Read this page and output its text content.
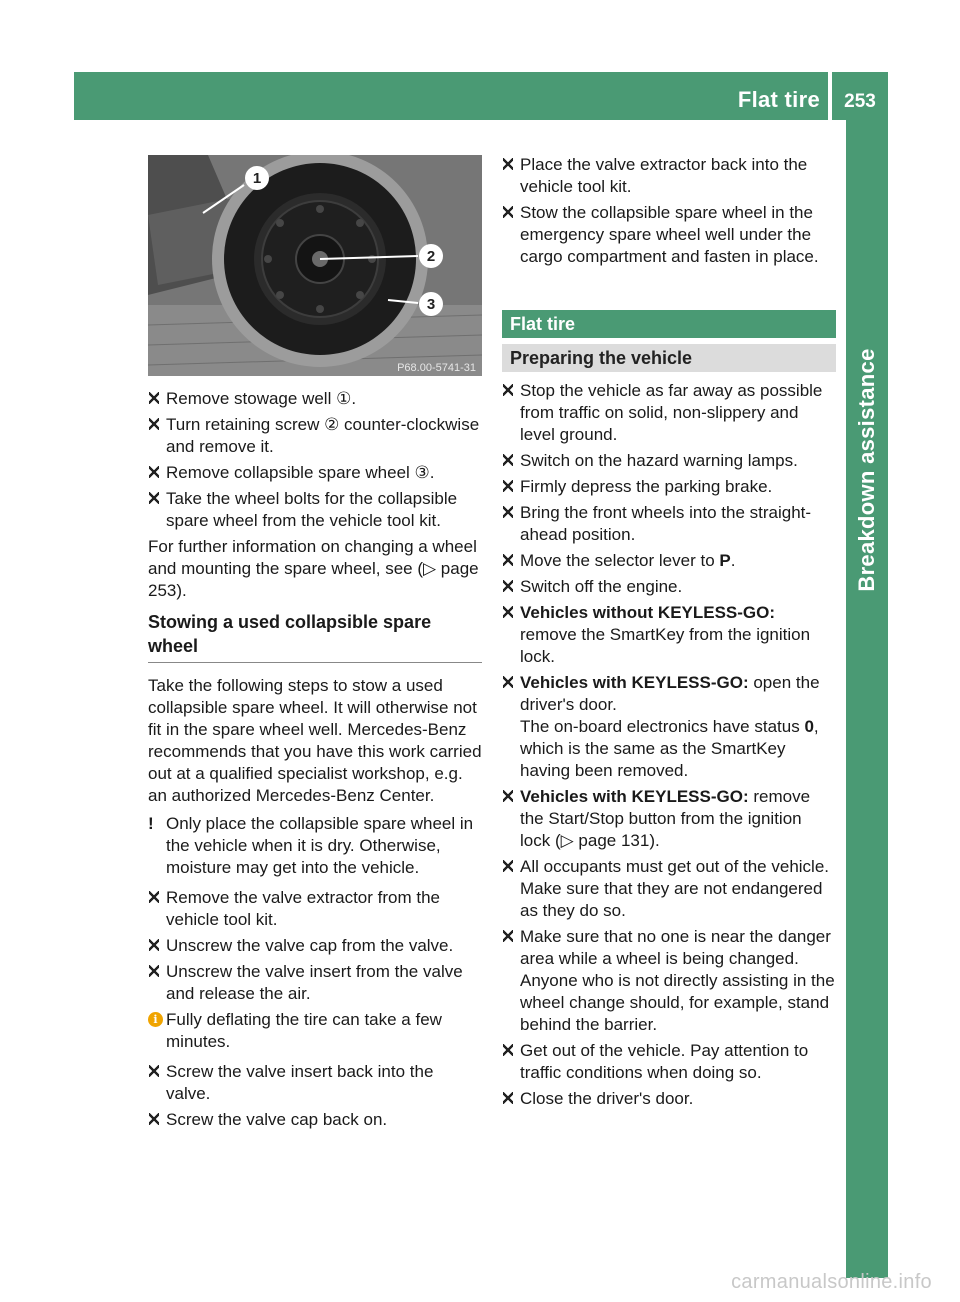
Flat tire	253
Breakdown assistance
1
2
3
P68.00-5741-31
Remove stowage well ①.
Turn retaining screw ② counter-clockwise and remove it.
Remove collapsible spare wheel ③.
Take the wheel bolts for the collapsible spare wheel from the vehicle tool kit.
For further information on changing a wheel and mounting the spare wheel, see (▷ page 253).
Stowing a used collapsible spare wheel
Take the following steps to stow a used collapsible spare wheel. It will otherwise not fit in the spare wheel well. Mercedes-Benz recommends that you have this work carried out at a qualified specialist workshop, e.g. an authorized Mercedes-Benz Center.
! Only place the collapsible spare wheel in the vehicle when it is dry. Otherwise, moisture may get into the vehicle.
Remove the valve extractor from the vehicle tool kit.
Unscrew the valve cap from the valve.
Unscrew the valve insert from the valve and release the air.
i Fully deflating the tire can take a few minutes.
Screw the valve insert back into the valve.
Screw the valve cap back on.
Place the valve extractor back into the vehicle tool kit.
Stow the collapsible spare wheel in the emergency spare wheel well under the cargo compartment and fasten in place.
Flat tire
Preparing the vehicle
Stop the vehicle as far away as possible from traffic on solid, non-slippery and level ground.
Switch on the hazard warning lamps.
Firmly depress the parking brake.
Bring the front wheels into the straight-ahead position.
Move the selector lever to P.
Switch off the engine.
Vehicles without KEYLESS-GO: remove the SmartKey from the ignition lock.
Vehicles with KEYLESS-GO: open the driver's door.
The on-board electronics have status 0, which is the same as the SmartKey having been removed.
Vehicles with KEYLESS-GO: remove the Start/Stop button from the ignition lock (▷ page 131).
All occupants must get out of the vehicle. Make sure that they are not endangered as they do so.
Make sure that no one is near the danger area while a wheel is being changed. Anyone who is not directly assisting in the wheel change should, for example, stand behind the barrier.
Get out of the vehicle. Pay attention to traffic conditions when doing so.
Close the driver's door.
carmanualsonline.info
